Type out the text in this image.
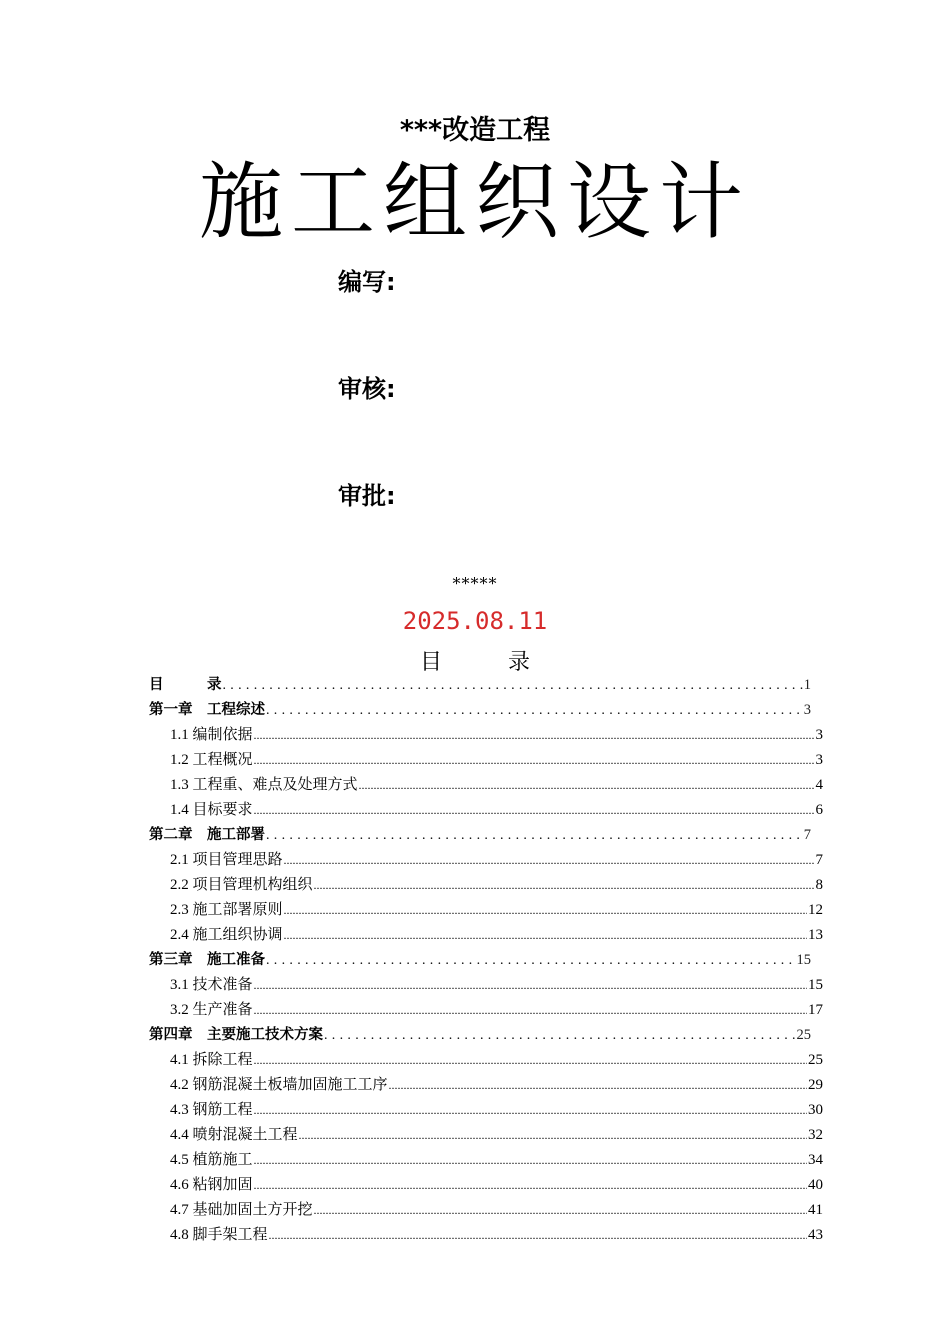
***改造工程
施工组织设计
编写:
审核:
审批:
*****
2025.08.11
目　　　录
目　　　录 . . .	1
第一章　工程综述 . . .	3
1.1 编制依据 .....	3
1.2 工程概况 .....	3
1.3 工程重、难点及处理方式 .....	4
1.4 目标要求 .....	6
第二章　施工部署 . . .	7
2.1 项目管理思路 .....	7
2.2 项目管理机构组织 .....	8
2.3 施工部署原则 .....	12
2.4 施工组织协调 .....	13
第三章　施工准备 . . .	15
3.1 技术准备 .....	15
3.2 生产准备 .....	17
第四章　主要施工技术方案 . . .	25
4.1 拆除工程 .....	25
4.2 钢筋混凝土板墙加固施工工序 .....	29
4.3 钢筋工程 .....	30
4.4 喷射混凝土工程 .....	32
4.5 植筋施工 .....	34
4.6 粘钢加固 .....	40
4.7 基础加固土方开挖 .....	41
4.8 脚手架工程 .....	43
